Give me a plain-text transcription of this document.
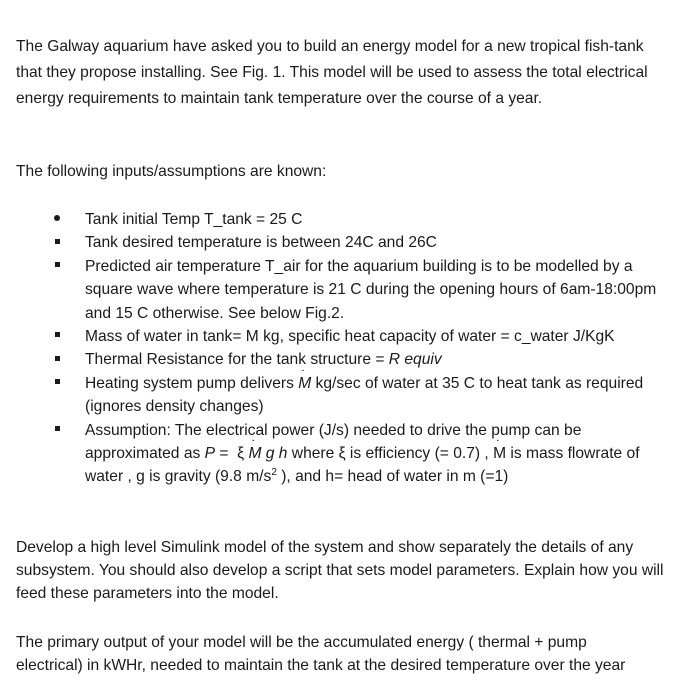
The Galway aquarium have asked you to build an energy model for a new tropical fish-tank that they propose installing. See Fig. 1. This model will be used to assess the total electrical energy requirements to maintain tank temperature over the course of a year.

The following inputs/assumptions are known:

Tank initial Temp T_tank = 25 C
Tank desired temperature is between 24C and 26C
Predicted air temperature T_air for the aquarium building is to be modelled by a square wave where temperature is 21 C during the opening hours of 6am-18:00pm and 15 C otherwise. See below Fig.2.
Mass of water in tank= M kg, specific heat capacity of water = c_water J/KgK
Thermal Resistance for the tank structure = R equiv
Heating system pump delivers M ˙ kg/sec of water at 35 C to heat tank as required (ignores density changes)
Assumption: The electrical power (J/s) needed to drive the pump can be approximated as P =  ξ M ˙ g h where ξ is efficiency (= 0.7) , M ˙ is mass flowrate of water , g is gravity (9.8 $m/s^2$ ), and h= head of water in m (=1)

Develop a high level Simulink model of the system and show separately the details of any subsystem. You should also develop a script that sets model parameters. Explain how you will feed these parameters into the model.

The primary output of your model will be the accumulated energy ( thermal + pump electrical) in kWHr, needed to maintain the tank at the desired temperature over the year
